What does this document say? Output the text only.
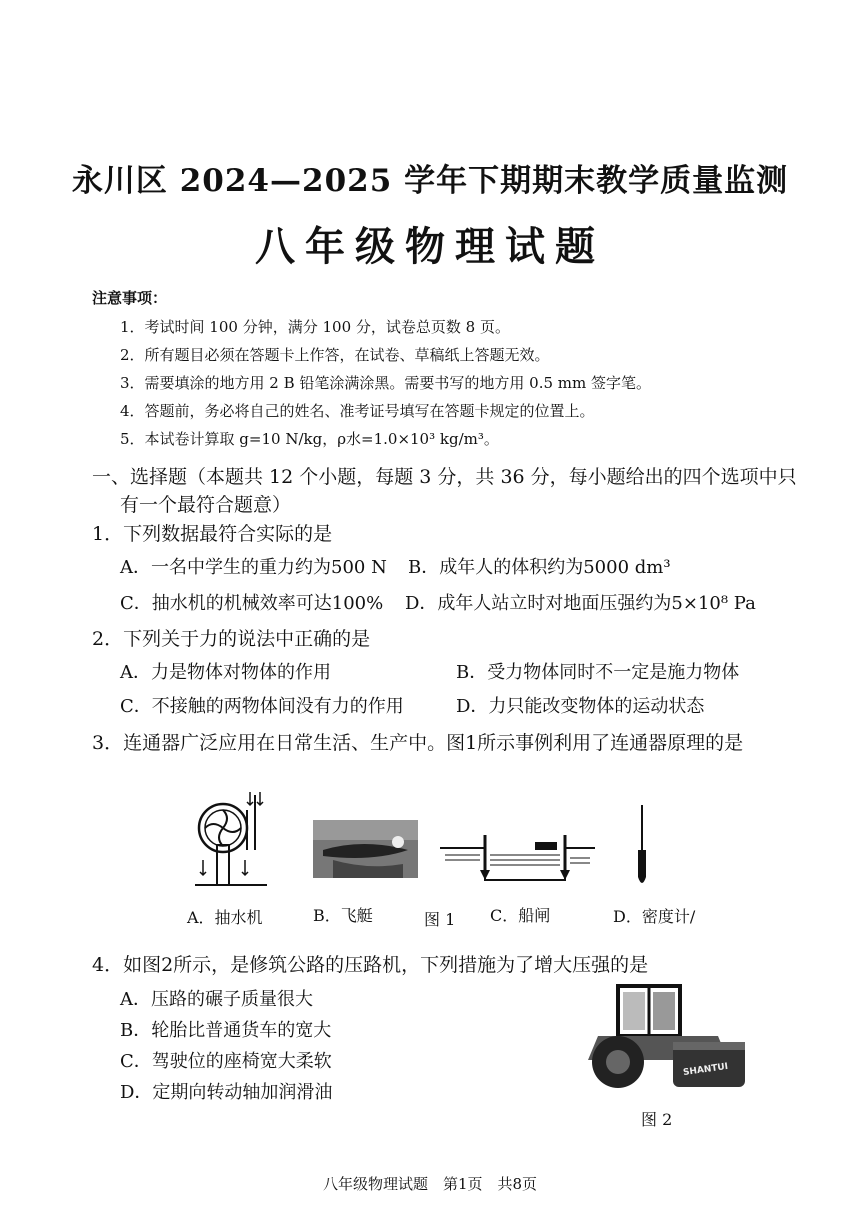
永川区 2024—2025 学年下期期末教学质量监测
八年级物理试题
注意事项：
1．考试时间 100 分钟，满分 100 分，试卷总页数 8 页。
2．所有题目必须在答题卡上作答，在试卷、草稿纸上答题无效。
3．需要填涂的地方用 2 B 铅笔涂满涂黑。需要书写的地方用 0.5 mm 签字笔。
4．答题前，务必将自己的姓名、准考证号填写在答题卡规定的位置上。
5．本试卷计算取 g=10 N/kg，ρ水=1.0×10³ kg/m³。
一、选择题（本题共 12 个小题，每题 3 分，共 36 分，每小题给出的四个选项中只
有一个最符合题意）
1．下列数据最符合实际的是
A．一名中学生的重力约为500 N B．成年人的体积约为5000 dm³
C．抽水机的机械效率可达100% D．成年人站立时对地面压强约为5×10⁸ Pa
2．下列关于力的说法中正确的是
A．力是物体对物体的作用	B．受力物体同时不一定是施力物体
C．不接触的两物体间没有力的作用	D．力只能改变物体的运动状态
3．连通器广泛应用在日常生活、生产中。图1所示事例利用了连通器原理的是
A．抽水机	B．飞艇	图 1 C．船闸	D．密度计/
4．如图2所示，是修筑公路的压路机，下列措施为了增大压强的是
A．压路的碾子质量很大
B．轮胎比普通货车的宽大
C．驾驶位的座椅宽大柔软
D．定期向转动轴加润滑油
SHANTUI
图 2
八年级物理试题　第1页　共8页
